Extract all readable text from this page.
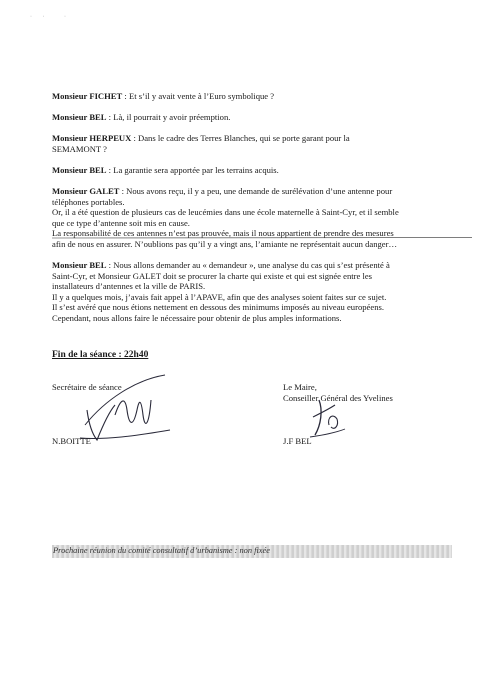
·       ·             ·
Monsieur FICHET : Et s’il y avait vente à l’Euro symbolique ?
Monsieur BEL : Là, il pourrait y avoir préemption.
Monsieur HERPEUX : Dans le cadre des Terres Blanches, qui se porte garant pour la
SEMAMONT ?
Monsieur BEL : La garantie sera apportée par les terrains acquis.
Monsieur GALET : Nous avons reçu, il y a peu, une demande de surélévation d’une antenne pour
téléphones portables.
Or, il a été question de plusieurs cas de leucémies dans une école maternelle à Saint-Cyr, et il semble
que ce type d’antenne soit mis en cause.
La responsabilité de ces antennes n’est pas prouvée, mais il nous appartient de prendre des mesures
afin de nous en assurer. N’oublions pas qu’il y a vingt ans, l’amiante ne représentait aucun danger…
Monsieur BEL : Nous allons demander au « demandeur », une analyse du cas qui s’est présenté à
Saint-Cyr, et Monsieur GALET doit se procurer la charte qui existe et qui est signée entre les
installateurs d’antennes et la ville de PARIS.
Il y a quelques mois, j’avais fait appel à l’APAVE, afin que des analyses soient faites sur ce sujet.
Il s’est avéré que nous étions nettement en dessous des minimums imposés au niveau européens.
Cependant, nous allons faire le nécessaire pour obtenir de plus amples informations.
Fin de la séance : 22h40
Secrétaire de séance	Le Maire,
Conseiller Général des Yvelines
N.BOITTE	J.F BEL
Prochaine réunion du comité consultatif d’urbanisme : non fixée
